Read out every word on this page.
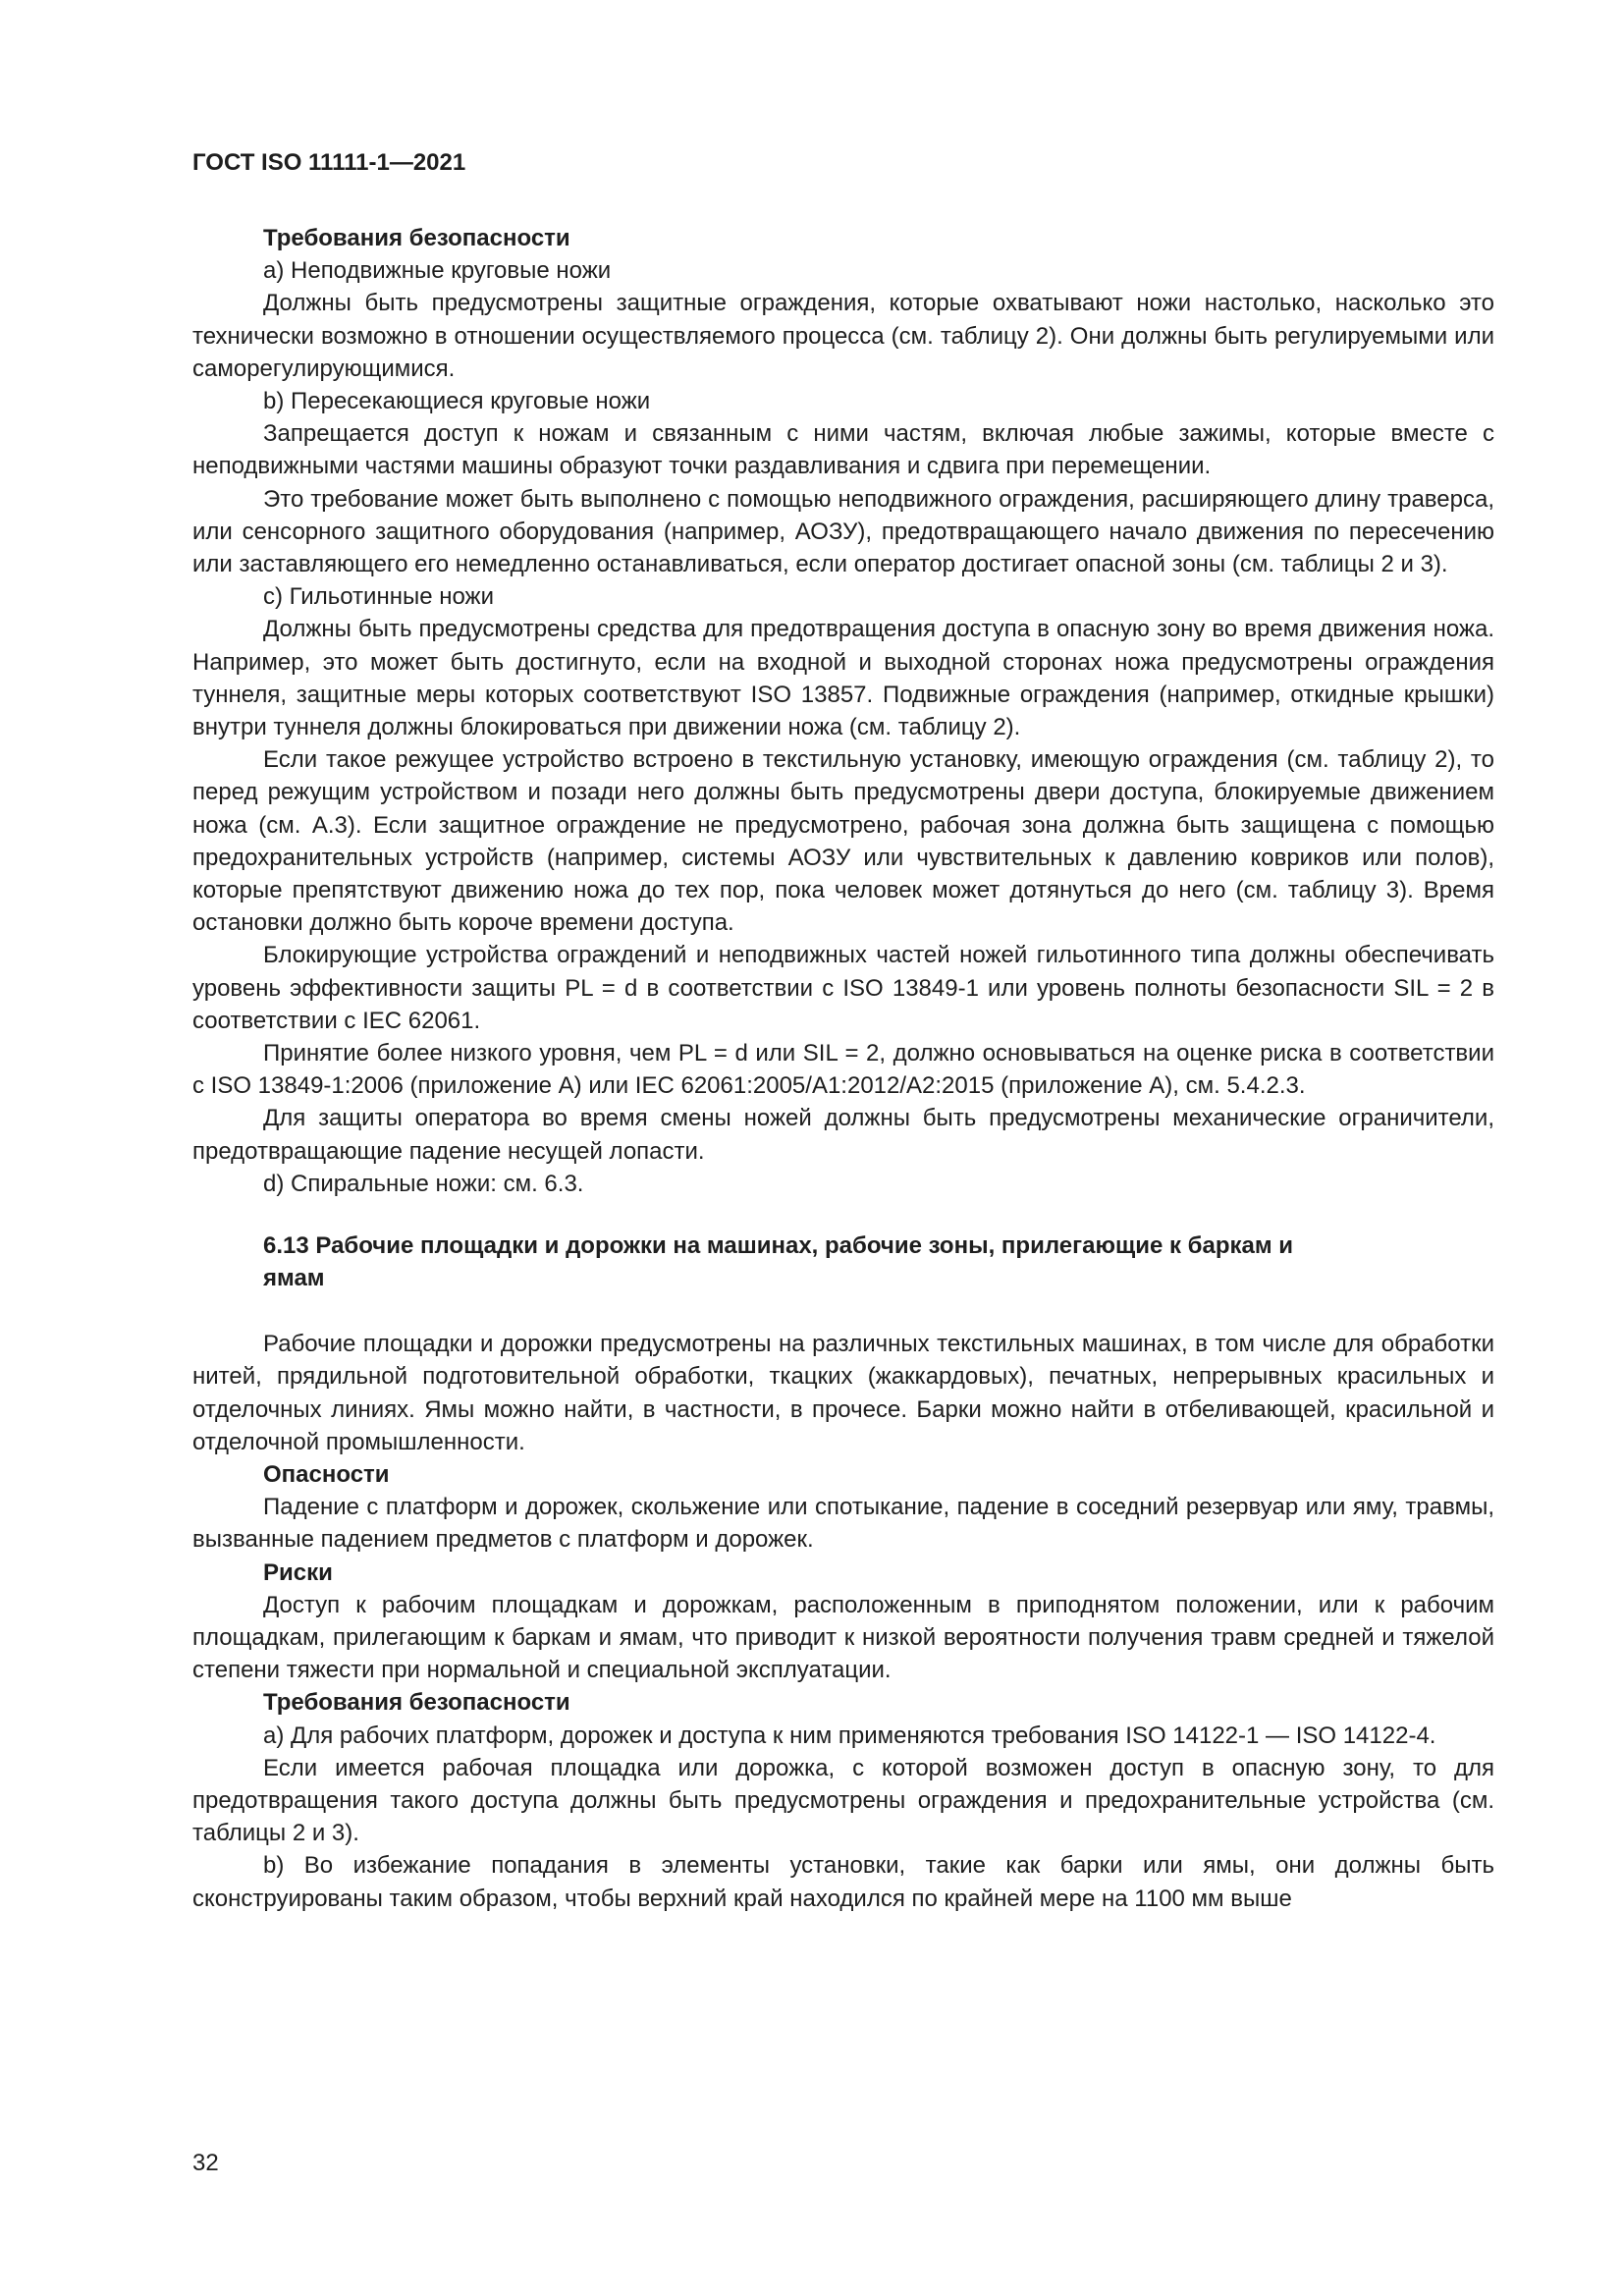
ГОСТ ISO 11111-1—2021
Требования безопасности

a) Неподвижные круговые ножи

Должны быть предусмотрены защитные ограждения, которые охватывают ножи настолько, насколько это технически возможно в отношении осуществляемого процесса (см. таблицу 2). Они должны быть регулируемыми или саморегулирующимися.

b) Пересекающиеся круговые ножи

Запрещается доступ к ножам и связанным с ними частям, включая любые зажимы, которые вместе с неподвижными частями машины образуют точки раздавливания и сдвига при перемещении.

Это требование может быть выполнено с помощью неподвижного ограждения, расширяющего длину траверса, или сенсорного защитного оборудования (например, АОЗУ), предотвращающего начало движения по пересечению или заставляющего его немедленно останавливаться, если оператор достигает опасной зоны (см. таблицы 2 и 3).

c) Гильотинные ножи

Должны быть предусмотрены средства для предотвращения доступа в опасную зону во время движения ножа. Например, это может быть достигнуто, если на входной и выходной сторонах ножа предусмотрены ограждения туннеля, защитные меры которых соответствуют ISO 13857. Подвижные ограждения (например, откидные крышки) внутри туннеля должны блокироваться при движении ножа (см. таблицу 2).

Если такое режущее устройство встроено в текстильную установку, имеющую ограждения (см. таблицу 2), то перед режущим устройством и позади него должны быть предусмотрены двери доступа, блокируемые движением ножа (см. А.3). Если защитное ограждение не предусмотрено, рабочая зона должна быть защищена с помощью предохранительных устройств (например, системы АОЗУ или чувствительных к давлению ковриков или полов), которые препятствуют движению ножа до тех пор, пока человек может дотянуться до него (см. таблицу 3). Время остановки должно быть короче времени доступа.

Блокирующие устройства ограждений и неподвижных частей ножей гильотинного типа должны обеспечивать уровень эффективности защиты PL = d в соответствии с ISO 13849-1 или уровень полноты безопасности SIL = 2 в соответствии с IEC 62061.

Принятие более низкого уровня, чем PL = d или SIL = 2, должно основываться на оценке риска в соответствии с ISO 13849-1:2006 (приложение А) или IEC 62061:2005/A1:2012/A2:2015 (приложение А), см. 5.4.2.3.

Для защиты оператора во время смены ножей должны быть предусмотрены механические ограничители, предотвращающие падение несущей лопасти.

d) Спиральные ножи: см. 6.3.

6.13 Рабочие площадки и дорожки на машинах, рабочие зоны, прилегающие к баркам и ямам

Рабочие площадки и дорожки предусмотрены на различных текстильных машинах, в том числе для обработки нитей, прядильной подготовительной обработки, ткацких (жаккардовых), печатных, непрерывных красильных и отделочных линиях. Ямы можно найти, в частности, в прочесе. Барки можно найти в отбеливающей, красильной и отделочной промышленности.

Опасности

Падение с платформ и дорожек, скольжение или спотыкание, падение в соседний резервуар или яму, травмы, вызванные падением предметов с платформ и дорожек.

Риски

Доступ к рабочим площадкам и дорожкам, расположенным в приподнятом положении, или к рабочим площадкам, прилегающим к баркам и ямам, что приводит к низкой вероятности получения травм средней и тяжелой степени тяжести при нормальной и специальной эксплуатации.

Требования безопасности

а) Для рабочих платформ, дорожек и доступа к ним применяются требования ISO 14122-1 — ISO 14122-4.

Если имеется рабочая площадка или дорожка, с которой возможен доступ в опасную зону, то для предотвращения такого доступа должны быть предусмотрены ограждения и предохранительные устройства (см. таблицы 2 и 3).

b) Во избежание попадания в элементы установки, такие как барки или ямы, они должны быть сконструированы таким образом, чтобы верхний край находился по крайней мере на 1100 мм выше

32
